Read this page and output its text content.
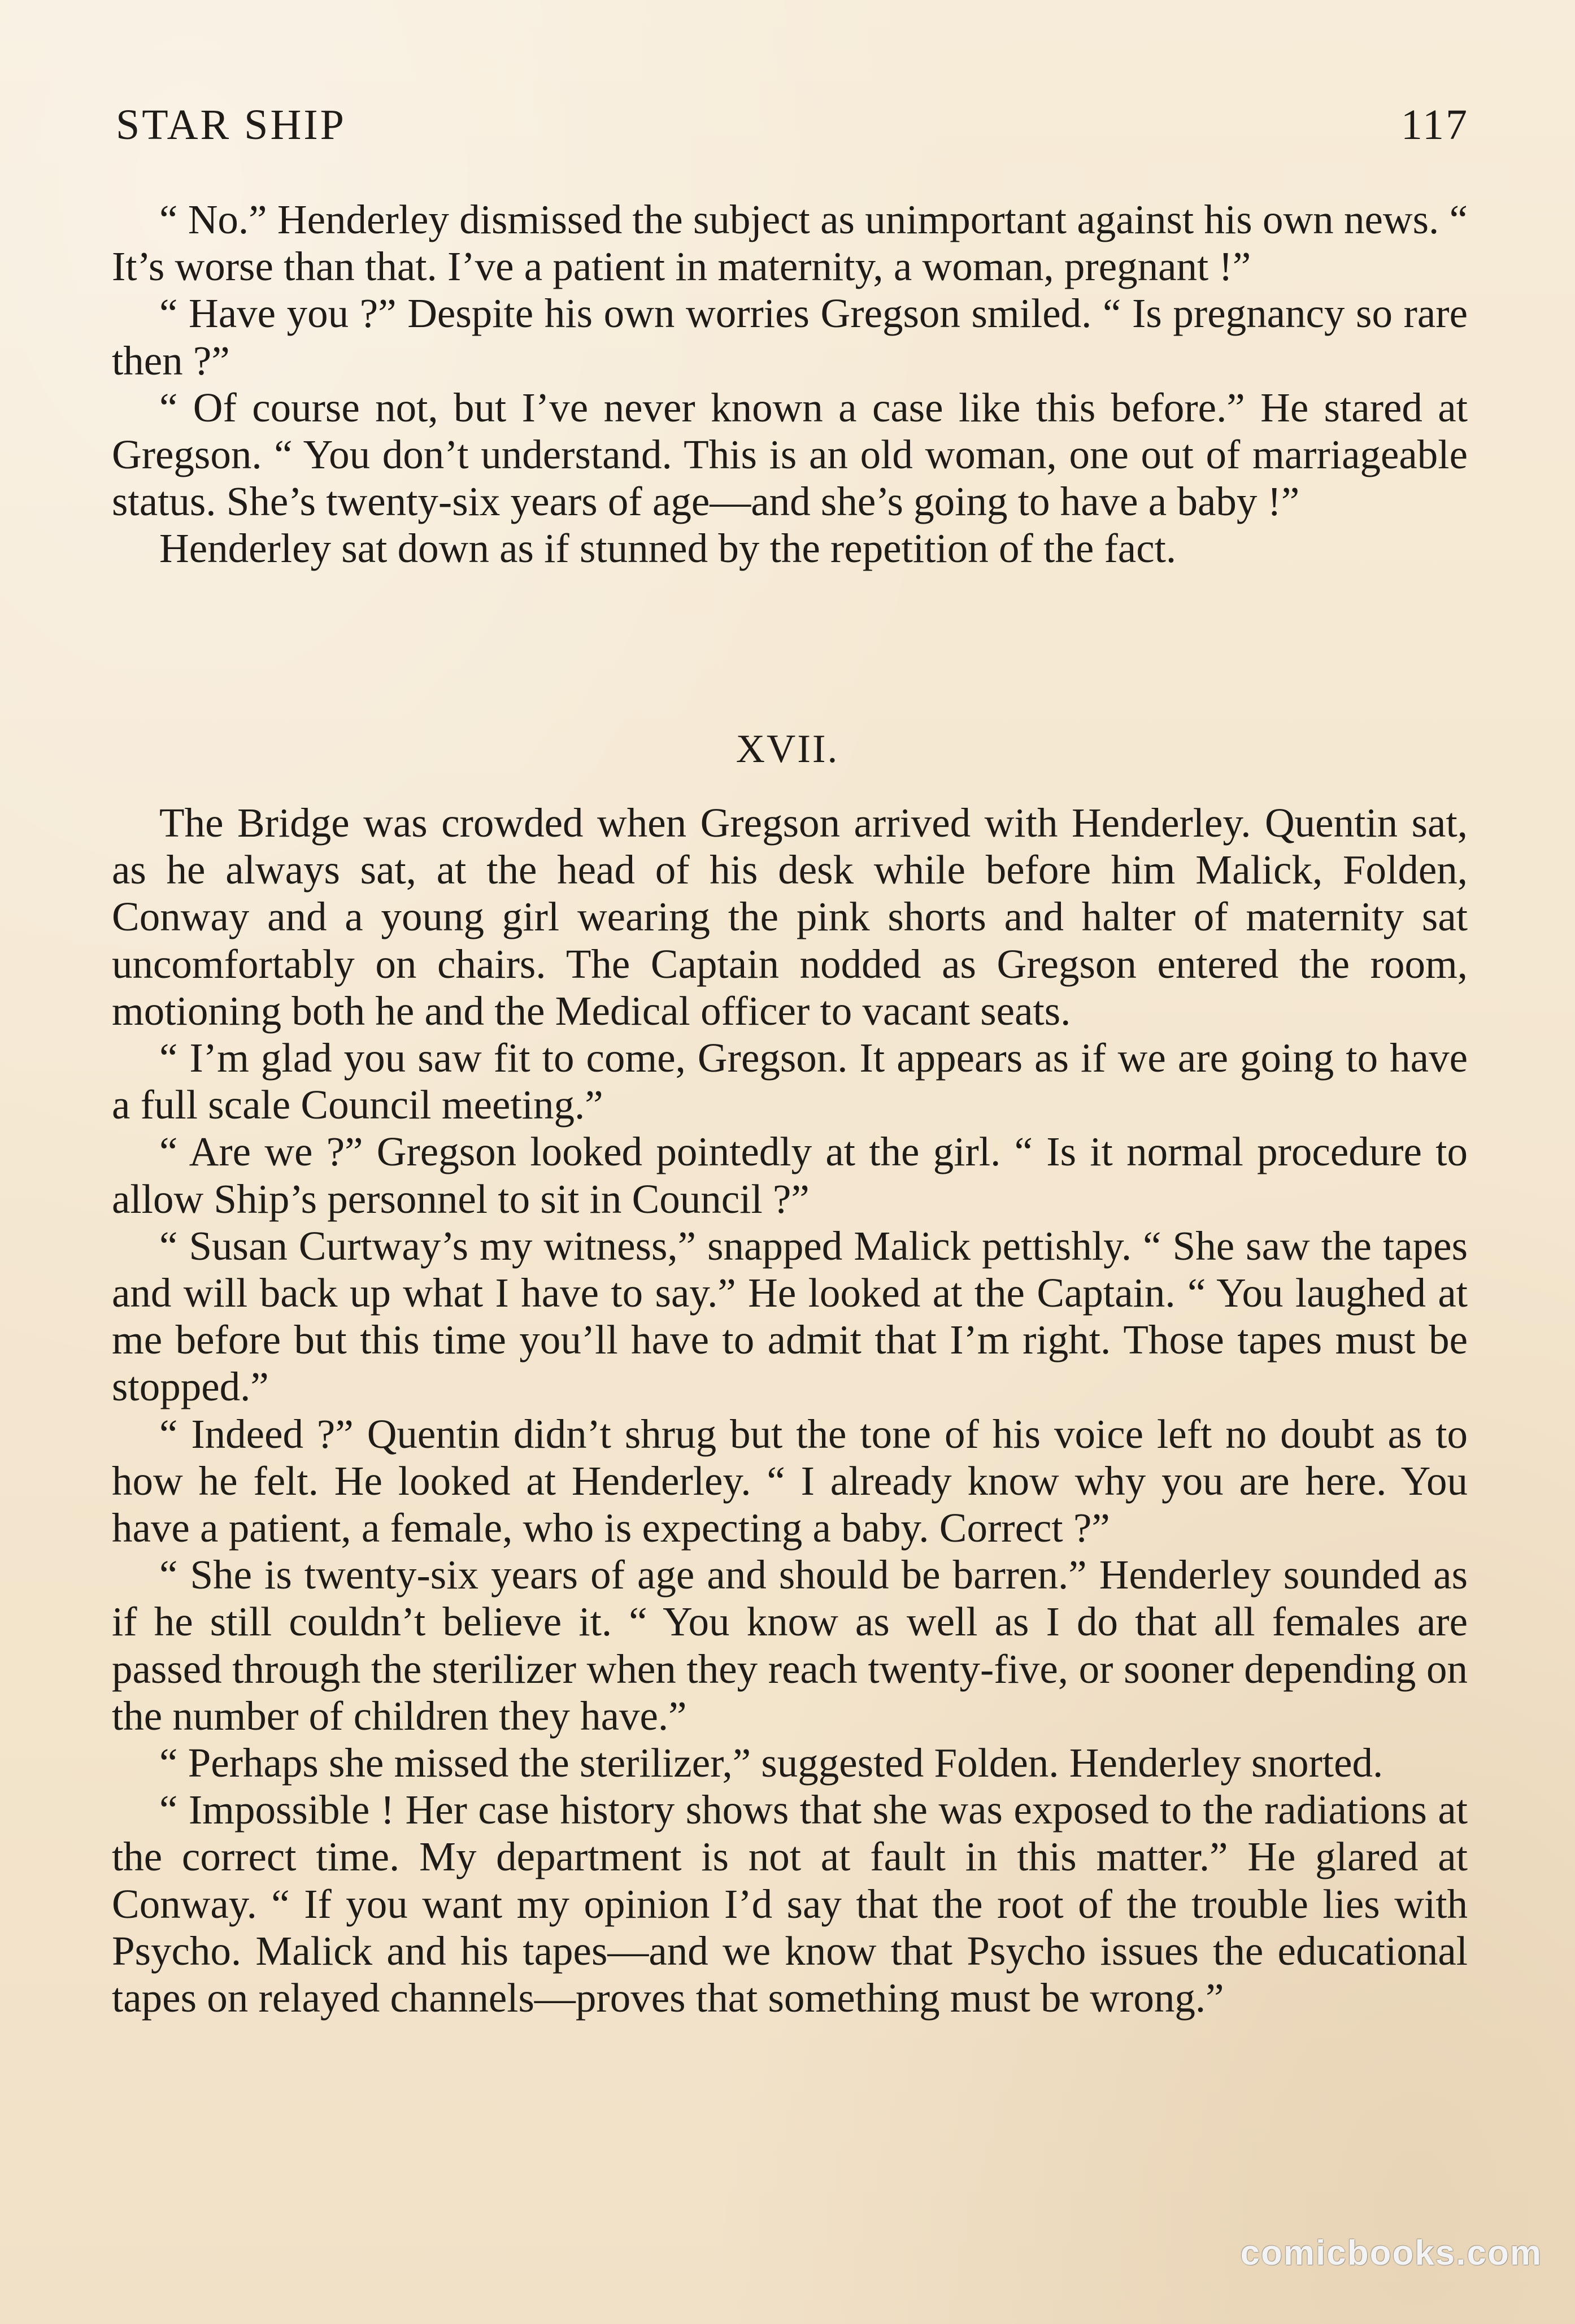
STAR SHIP	117

“ No.” Henderley dismissed the subject as unimportant against his own news. “ It’s worse than that. I’ve a patient in maternity, a woman, pregnant !”

“ Have you ?” Despite his own worries Gregson smiled. “ Is pregnancy so rare then ?”

“ Of course not, but I’ve never known a case like this before.” He stared at Gregson. “ You don’t understand. This is an old woman, one out of marriageable status. She’s twenty-six years of age—and she’s going to have a baby !”

Henderley sat down as if stunned by the repetition of the fact.

XVII.

The Bridge was crowded when Gregson arrived with Henderley. Quentin sat, as he always sat, at the head of his desk while before him Malick, Folden, Conway and a young girl wearing the pink shorts and halter of maternity sat uncomfortably on chairs. The Captain nodded as Gregson entered the room, motioning both he and the Medical officer to vacant seats.

“ I’m glad you saw fit to come, Gregson. It appears as if we are going to have a full scale Council meeting.”

“ Are we ?” Gregson looked pointedly at the girl. “ Is it normal procedure to allow Ship’s personnel to sit in Council ?”

“ Susan Curtway’s my witness,” snapped Malick pettishly. “ She saw the tapes and will back up what I have to say.” He looked at the Captain. “ You laughed at me before but this time you’ll have to admit that I’m right. Those tapes must be stopped.”

“ Indeed ?” Quentin didn’t shrug but the tone of his voice left no doubt as to how he felt. He looked at Henderley. “ I already know why you are here. You have a patient, a female, who is expecting a baby. Correct ?”

“ She is twenty-six years of age and should be barren.” Henderley sounded as if he still couldn’t believe it. “ You know as well as I do that all females are passed through the sterilizer when they reach twenty-five, or sooner depending on the number of children they have.”

“ Perhaps she missed the sterilizer,” suggested Folden. Henderley snorted.

“ Impossible ! Her case history shows that she was exposed to the radiations at the correct time. My department is not at fault in this matter.” He glared at Conway. “ If you want my opinion I’d say that the root of the trouble lies with Psycho. Malick and his tapes—and we know that Psycho issues the educational tapes on relayed channels—proves that something must be wrong.”

comicbooks.com
